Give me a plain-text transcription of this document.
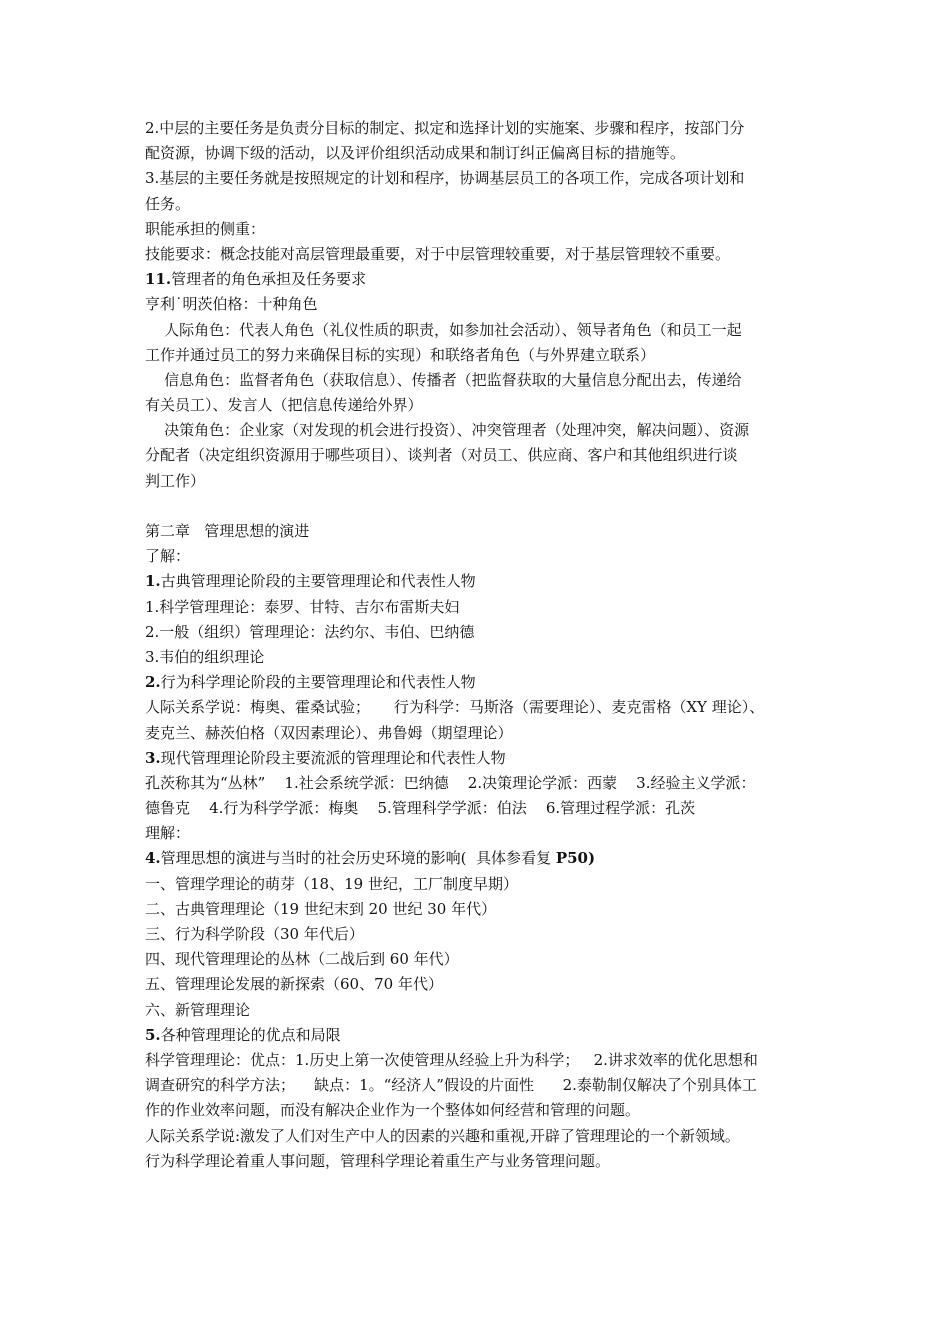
2.中层的主要任务是负责分目标的制定、拟定和选择计划的实施案、步骤和程序，按部门分
配资源，协调下级的活动，以及评价组织活动成果和制订纠正偏离目标的措施等。
3.基层的主要任务就是按照规定的计划和程序，协调基层员工的各项工作，完成各项计划和
任务。
职能承担的侧重：
技能要求：概念技能对高层管理最重要，对于中层管理较重要，对于基层管理较不重要。
11.管理者的角色承担及任务要求
亨利˙明茨伯格：十种角色
人际角色：代表人角色（礼仪性质的职责，如参加社会活动）、领导者角色（和员工一起
工作并通过员工的努力来确保目标的实现）和联络者角色（与外界建立联系）
信息角色：监督者角色（获取信息）、传播者（把监督获取的大量信息分配出去，传递给
有关员工）、发言人（把信息传递给外界）
决策角色：企业家（对发现的机会进行投资）、冲突管理者（处理冲突，解决问题）、资源
分配者（决定组织资源用于哪些项目）、谈判者（对员工、供应商、客户和其他组织进行谈
判工作）
第二章   管理思想的演进
了解：
1.古典管理理论阶段的主要管理理论和代表性人物
1.科学管理理论：泰罗、甘特、吉尔布雷斯夫妇
2.一般（组织）管理理论：法约尔、韦伯、巴纳德
3.韦伯的组织理论
2.行为科学理论阶段的主要管理理论和代表性人物
人际关系学说：梅奥、霍桑试验；     行为科学：马斯洛（需要理论）、麦克雷格（XY 理论）、
麦克兰、赫茨伯格（双因素理论）、弗鲁姆（期望理论）
3.现代管理理论阶段主要流派的管理理论和代表性人物
孔茨称其为“丛林”    1.社会系统学派：巴纳德    2.决策理论学派：西蒙    3.经验主义学派：
德鲁克    4.行为科学学派：梅奥    5.管理科学学派：伯法    6.管理过程学派：孔茨
理解：
4.管理思想的演进与当时的社会历史环境的影响(  具体参看复 P50)
一、管理学理论的萌芽（18、19 世纪，工厂制度早期）
二、古典管理理论（19 世纪末到 20 世纪 30 年代）
三、行为科学阶段（30 年代后）
四、现代管理理论的丛林（二战后到 60 年代）
五、管理理论发展的新探索（60、70 年代）
六、新管理理论
5.各种管理理论的优点和局限
科学管理理论：优点：1.历史上第一次使管理从经验上升为科学；   2.讲求效率的优化思想和
调查研究的科学方法；    缺点：1。“经济人”假设的片面性      2.泰勒制仅解决了个别具体工
作的作业效率问题，而没有解决企业作为一个整体如何经营和管理的问题。
人际关系学说:激发了人们对生产中人的因素的兴趣和重视,开辟了管理理论的一个新领域。
行为科学理论着重人事问题，管理科学理论着重生产与业务管理问题。
